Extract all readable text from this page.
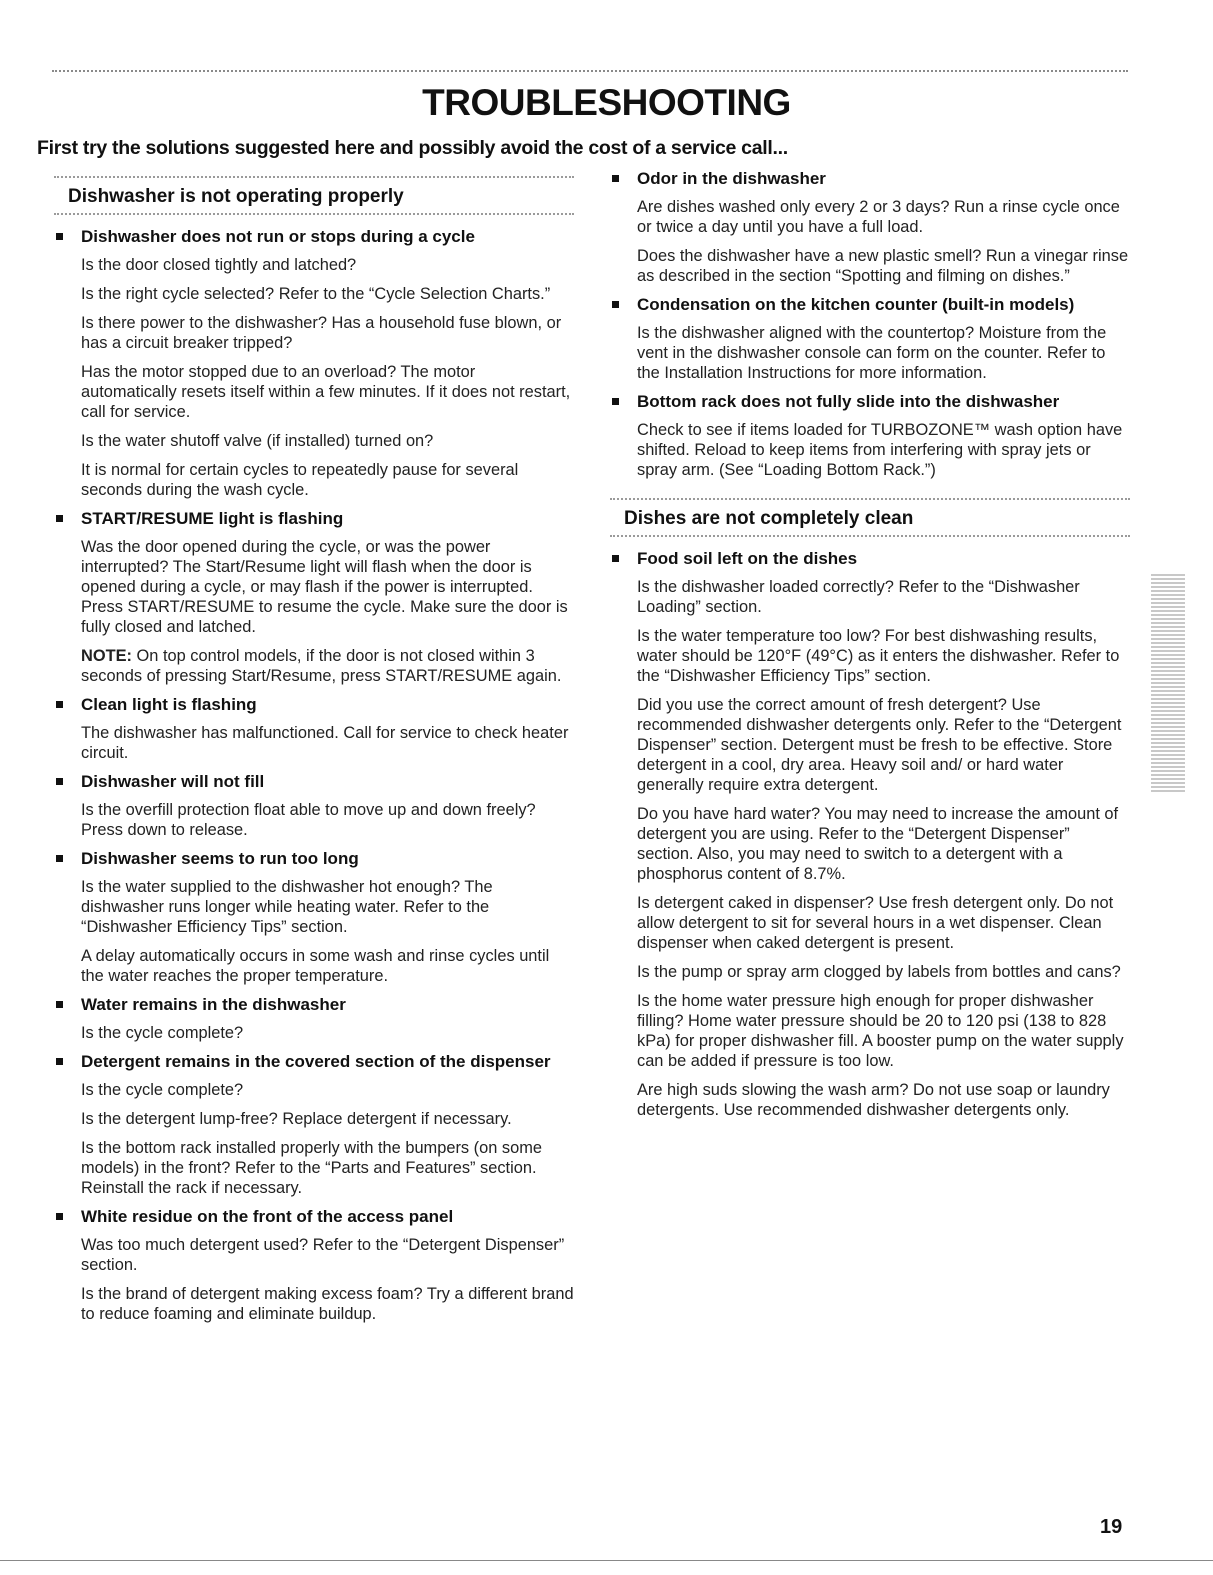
TROUBLESHOOTING
First try the solutions suggested here and possibly avoid the cost of a service call...
Dishwasher is not operating properly
Dishwasher does not run or stops during a cycle

Is the door closed tightly and latched?

Is the right cycle selected? Refer to the “Cycle Selection Charts.”

Is there power to the dishwasher? Has a household fuse blown, or has a circuit breaker tripped?

Has the motor stopped due to an overload? The motor automatically resets itself within a few minutes. If it does not restart, call for service.

Is the water shutoff valve (if installed) turned on?

It is normal for certain cycles to repeatedly pause for several seconds during the wash cycle.

START/RESUME light is flashing

Was the door opened during the cycle, or was the power interrupted? The Start/Resume light will flash when the door is opened during a cycle, or may flash if the power is interrupted. Press START/RESUME to resume the cycle. Make sure the door is fully closed and latched.

NOTE: On top control models, if the door is not closed within 3 seconds of pressing Start/Resume, press START/RESUME again.

Clean light is flashing

The dishwasher has malfunctioned. Call for service to check heater circuit.

Dishwasher will not fill

Is the overfill protection float able to move up and down freely? Press down to release.

Dishwasher seems to run too long

Is the water supplied to the dishwasher hot enough? The dishwasher runs longer while heating water. Refer to the “Dishwasher Efficiency Tips” section.

A delay automatically occurs in some wash and rinse cycles until the water reaches the proper temperature.

Water remains in the dishwasher

Is the cycle complete?

Detergent remains in the covered section of the dispenser

Is the cycle complete?

Is the detergent lump-free? Replace detergent if necessary.

Is the bottom rack installed properly with the bumpers (on some models) in the front? Refer to the “Parts and Features” section. Reinstall the rack if necessary.

White residue on the front of the access panel

Was too much detergent used? Refer to the “Detergent Dispenser” section.

Is the brand of detergent making excess foam? Try a different brand to reduce foaming and eliminate buildup.

Odor in the dishwasher

Are dishes washed only every 2 or 3 days? Run a rinse cycle once or twice a day until you have a full load.

Does the dishwasher have a new plastic smell? Run a vinegar rinse as described in the section “Spotting and filming on dishes.”

Condensation on the kitchen counter (built-in models)

Is the dishwasher aligned with the countertop? Moisture from the vent in the dishwasher console can form on the counter. Refer to the Installation Instructions for more information.

Bottom rack does not fully slide into the dishwasher

Check to see if items loaded for TURBOZONE™ wash option have shifted. Reload to keep items from interfering with spray jets or spray arm. (See “Loading Bottom Rack.”)

Dishes are not completely clean
Food soil left on the dishes

Is the dishwasher loaded correctly? Refer to the “Dishwasher Loading” section.

Is the water temperature too low? For best dishwashing results, water should be 120°F (49°C) as it enters the dishwasher. Refer to the “Dishwasher Efficiency Tips” section.

Did you use the correct amount of fresh detergent? Use recommended dishwasher detergents only. Refer to the “Detergent Dispenser” section. Detergent must be fresh to be effective. Store detergent in a cool, dry area. Heavy soil and/ or hard water generally require extra detergent.

Do you have hard water? You may need to increase the amount of detergent you are using. Refer to the “Detergent Dispenser” section. Also, you may need to switch to a detergent with a phosphorus content of 8.7%.

Is detergent caked in dispenser? Use fresh detergent only. Do not allow detergent to sit for several hours in a wet dispenser. Clean dispenser when caked detergent is present.

Is the pump or spray arm clogged by labels from bottles and cans?

Is the home water pressure high enough for proper dishwasher filling? Home water pressure should be 20 to 120 psi (138 to 828 kPa) for proper dishwasher fill. A booster pump on the water supply can be added if pressure is too low.

Are high suds slowing the wash arm? Do not use soap or laundry detergents. Use recommended dishwasher detergents only.

19
